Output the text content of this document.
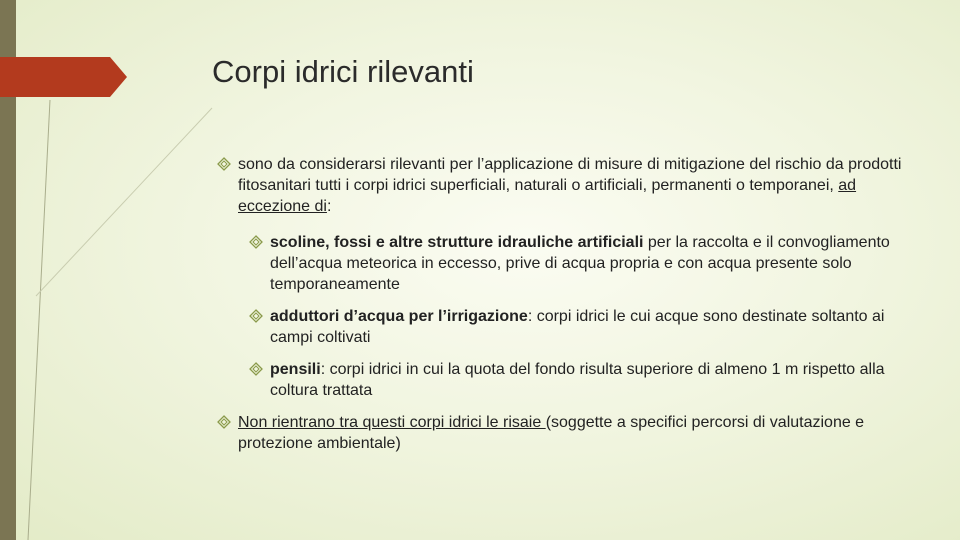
Corpi idrici rilevanti
sono da considerarsi rilevanti per l’applicazione di misure di mitigazione del rischio da prodotti fitosanitari tutti i corpi idrici superficiali, naturali o artificiali, permanenti o temporanei, ad eccezione di:
scoline, fossi e altre strutture idrauliche artificiali per la raccolta e il convogliamento dell’acqua meteorica in eccesso, prive di acqua propria e con acqua presente solo temporaneamente
adduttori d’acqua per l’irrigazione: corpi idrici le cui acque sono destinate soltanto ai campi coltivati
pensili: corpi idrici in cui la quota del fondo risulta superiore di almeno 1 m rispetto alla coltura trattata
Non rientrano tra questi corpi idrici le risaie (soggette a specifici percorsi di valutazione e protezione ambientale)
